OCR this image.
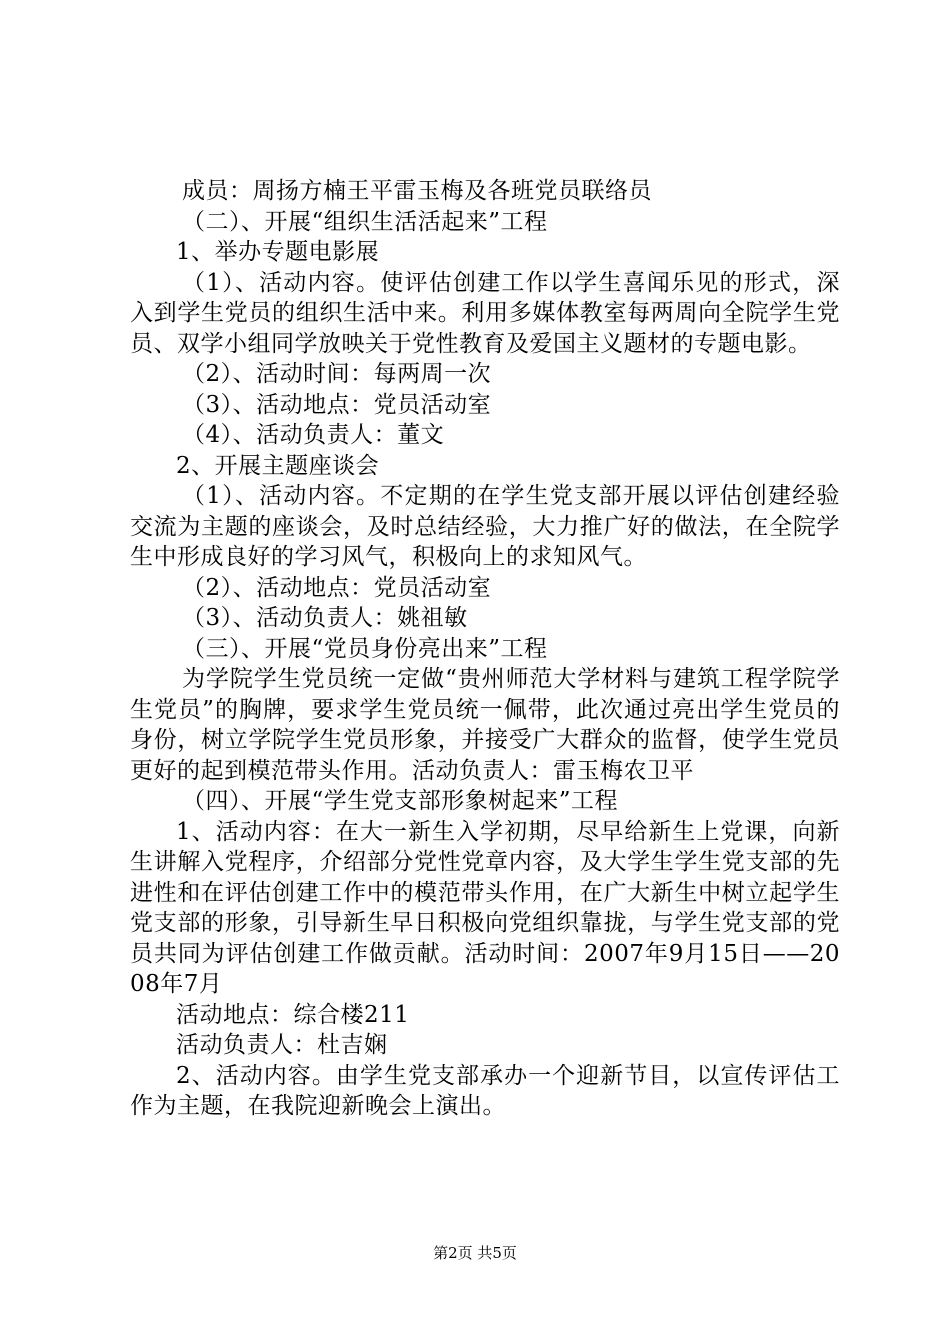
成员：周扬方楠王平雷玉梅及各班党员联络员

（二）、开展“组织生活活起来”工程

1、举办专题电影展

（1）、活动内容。使评估创建工作以学生喜闻乐见的形式，深入到学生党员的组织生活中来。利用多媒体教室每两周向全院学生党员、双学小组同学放映关于党性教育及爱国主义题材的专题电影。

（2）、活动时间：每两周一次

（3）、活动地点：党员活动室

（4）、活动负责人：董文

2、开展主题座谈会

（1）、活动内容。不定期的在学生党支部开展以评估创建经验交流为主题的座谈会，及时总结经验，大力推广好的做法，在全院学生中形成良好的学习风气，积极向上的求知风气。

（2）、活动地点：党员活动室

（3）、活动负责人：姚祖敏

（三）、开展“党员身份亮出来”工程

为学院学生党员统一定做“贵州师范大学材料与建筑工程学院学生党员”的胸牌，要求学生党员统一佩带，此次通过亮出学生党员的身份，树立学院学生党员形象，并接受广大群众的监督，使学生党员更好的起到模范带头作用。活动负责人：雷玉梅农卫平

（四）、开展“学生党支部形象树起来”工程

1、活动内容：在大一新生入学初期，尽早给新生上党课，向新生讲解入党程序，介绍部分党性党章内容，及大学生学生党支部的先进性和在评估创建工作中的模范带头作用，在广大新生中树立起学生党支部的形象，引导新生早日积极向党组织靠拢，与学生党支部的党员共同为评估创建工作做贡献。活动时间：2007年9月15日——2008年7月

活动地点：综合楼211

活动负责人：杜吉娴

2、活动内容。由学生党支部承办一个迎新节目，以宣传评估工作为主题，在我院迎新晚会上演出。

第2页 共5页
